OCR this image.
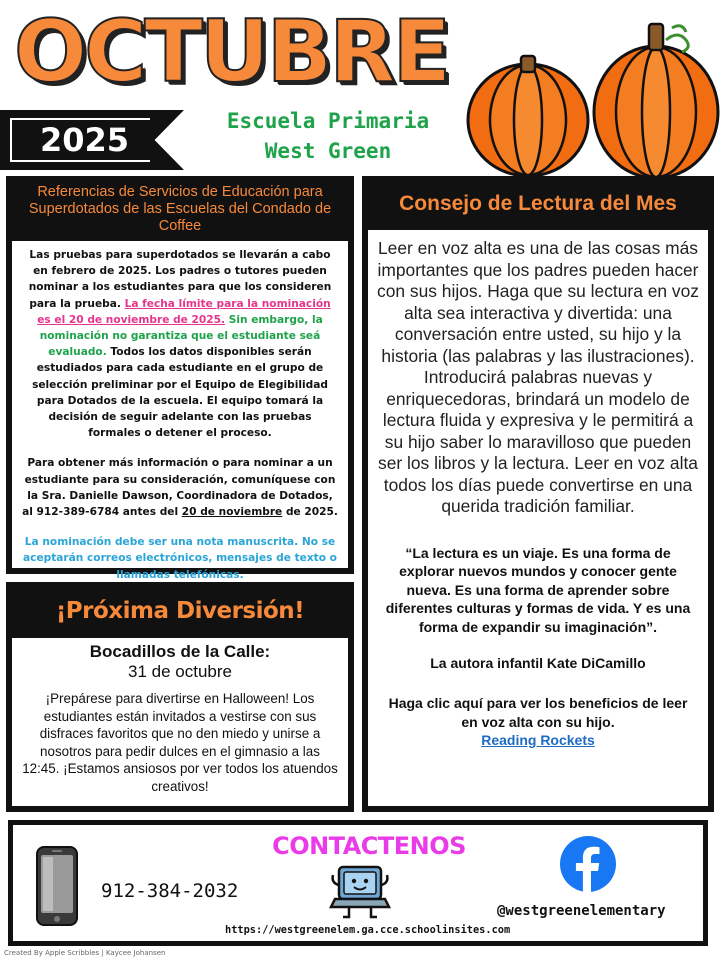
OCTUBRE
2025	Escuela Primaria
West Green
Referencias de Servicios de Educación para Superdotados de las Escuelas del Condado de Coffee

Las pruebas para superdotados se llevarán a cabo en febrero de 2025. Los padres o tutores pueden nominar a los estudiantes para que los consideren para la prueba. La fecha límite para la nominación es el 20 de noviembre de 2025. Sin embargo, la nominación no garantiza que el estudiante seá evaluado. Todos los datos disponibles serán estudiados para cada estudiante en el grupo de selección preliminar por el Equipo de Elegibilidad para Dotados de la escuela. El equipo tomará la decisión de seguir adelante con las pruebas formales o detener el proceso.

Para obtener más información o para nominar a un estudiante para su consideración, comuníquese con la Sra. Danielle Dawson, Coordinadora de Dotados, al 912-389-6784 antes del 20 de noviembre de 2025.

La nominación debe ser una nota manuscrita. No se aceptarán correos electrónicos, mensajes de texto o llamadas telefónicas.

Consejo de Lectura del Mes
Leer en voz alta es una de las cosas más importantes que los padres pueden hacer con sus hijos. Haga que su lectura en voz alta sea interactiva y divertida: una conversación entre usted, su hijo y la historia (las palabras y las ilustraciones). Introducirá palabras nuevas y enriquecedoras, brindará un modelo de lectura fluida y expresiva y le permitirá a su hijo saber lo maravilloso que pueden ser los libros y la lectura. Leer en voz alta todos los días puede convertirse en una querida tradición familiar.
“La lectura es un viaje. Es una forma de explorar nuevos mundos y conocer gente nueva. Es una forma de aprender sobre diferentes culturas y formas de vida. Y es una forma de expandir su imaginación”.
La autora infantil Kate DiCamillo
Haga clic aquí para ver los beneficios de leer en voz alta con su hijo.
Reading Rockets
¡Próxima Diversión!
Bocadillos de la Calle:
31 de octubre
¡Prepárese para divertirse en Halloween! Los estudiantes están invitados a vestirse con sus disfraces favoritos que no den miedo y unirse a nosotros para pedir dulces en el gimnasio a las 12:45. ¡Estamos ansiosos por ver todos los atuendos creativos!
CONTACTENOS
912-384-2032
@westgreenelementary
https://westgreenelem.ga.cce.schoolinsites.com
Created By Apple Scribbles | Kaycee Johansen
